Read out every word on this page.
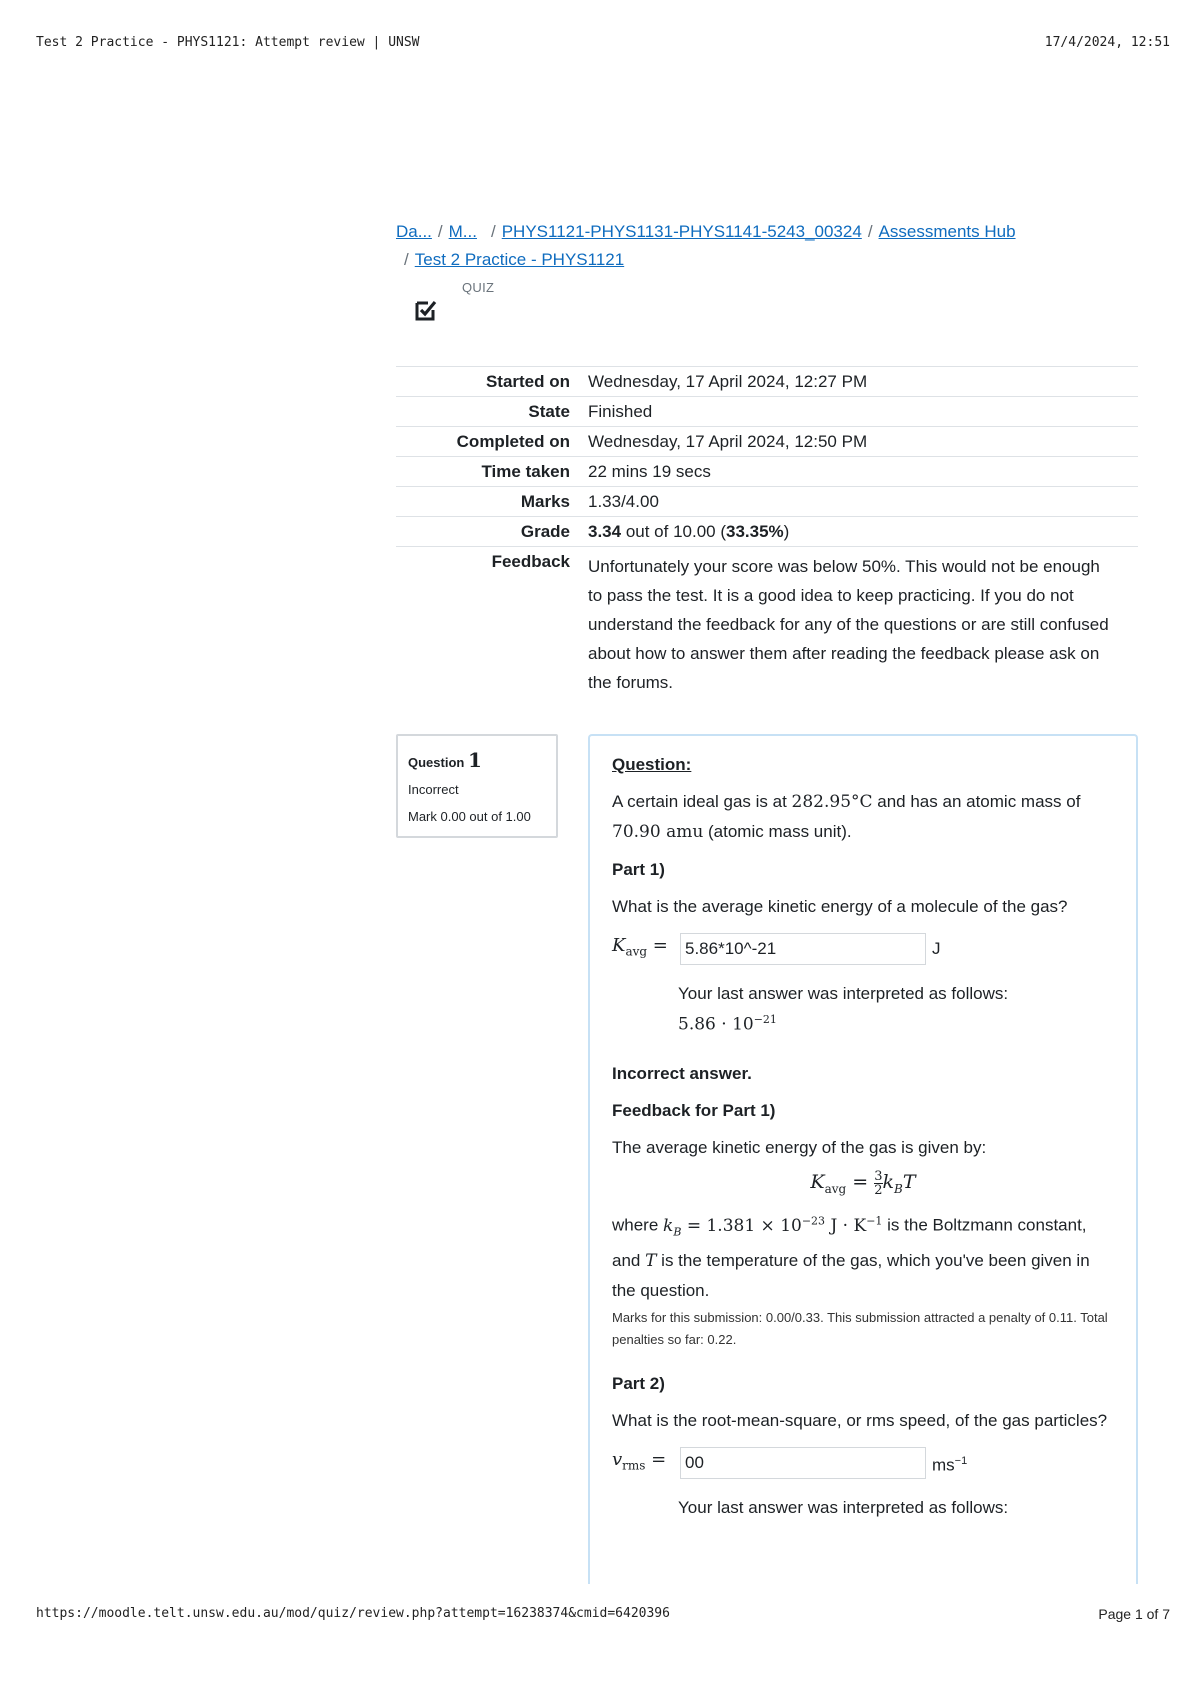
Test 2 Practice - PHYS1121: Attempt review | UNSW	17/4/2024, 12:51
Da... / M... / PHYS1121-PHYS1131-PHYS1141-5243_00324 / Assessments Hub
/ Test 2 Practice - PHYS1121
QUIZ
Started on	Wednesday, 17 April 2024, 12:27 PM
State	Finished
Completed on	Wednesday, 17 April 2024, 12:50 PM
Time taken	22 mins 19 secs
Marks	1.33/4.00
Grade	3.34 out of 10.00 (33.35%)
Feedback	Unfortunately your score was below 50%. This would not be enough to pass the test. It is a good idea to keep practicing. If you do not understand the feedback for any of the questions or are still confused about how to answer them after reading the feedback please ask on the forums.
Question 1
Incorrect
Mark 0.00 out of 1.00

Question:

A certain ideal gas is at 282.95°C and has an atomic mass of 70.90 amu (atomic mass unit).

Part 1)

What is the average kinetic energy of a molecule of the gas?

$K_{avg}$ =
5.86*10^-21	J
Your last answer was interpreted as follows:
$5.86 \cdot 10^{-21}$

Incorrect answer.

Feedback for Part 1)

The average kinetic energy of the gas is given by:

$K_{avg} = \frac{3}{2} k_BT$

where $k_B = 1.381 \times 10^{-23}$ $J \cdot K^{-1}$ is the Boltzmann constant, and T is the temperature of the gas, which you've been given in the question.

Marks for this submission: 0.00/0.33. This submission attracted a penalty of 0.11. Total penalties so far: 0.22.

Part 2)

What is the root-mean-square, or rms speed, of the gas particles?

$v_{rms}$ =
00	$ms^{-1}$
Your last answer was interpreted as follows:
https://moodle.telt.unsw.edu.au/mod/quiz/review.php?attempt=16238374&cmid=6420396	Page 1 of 7
